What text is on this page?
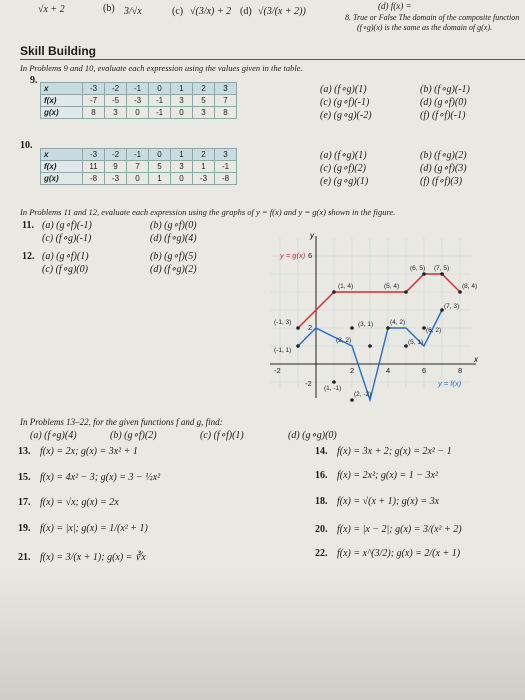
√x + 2	(b) 3/√x	(c) √(3/x) + 2 (d) √(3/(x + 2))	(d) f(x) =
8. True or False The domain of the composite function
(f∘g)(x) is the same as the domain of g(x).
Skill Building
In Problems 9 and 10, evaluate each expression using the values given in the table.
9.
x	-3	-2	-1	0	1	2	3
f(x)	-7	-5	-3	-1	3	5	7
g(x)	8	3	0	-1	0	3	8
(a) (f∘g)(1)	(b) (f∘g)(-1)
(c) (g∘f)(-1)	(d) (g∘f)(0)
(e) (g∘g)(-2)	(f) (f∘f)(-1)
10.
x	-3	-2	-1	0	1	2	3
f(x)	11	9	7	5	3	1	-1
g(x)	-8	-3	0	1	0	-3	-8
(a) (f∘g)(1)	(b) (f∘g)(2)
(c) (g∘f)(2)	(d) (g∘f)(3)
(e) (g∘g)(1)	(f) (f∘f)(3)
In Problems 11 and 12, evaluate each expression using the graphs of y = f(x) and y = g(x) shown in the figure.
11. (a) (g∘f)(-1)	(b) (g∘f)(0)
(c) (f∘g)(-1)	(d) (f∘g)(4)
12. (a) (g∘f)(1)	(b) (g∘f)(5)
(c) (f∘g)(0)	(d) (f∘g)(2)
y
x
(1, 4)	(5, 4)
(6, 5) (7, 5)
(8, 4)
(-1, 3)
(-1, 1)
(3, 1)	(4, 2)
(2, 2)
(7, 3)
(6, 2)
(5, 1)
(2, -2)
(1, -1)
6
2
-2	2	4	6	8
-2
y = g(x)
y = f(x)
In Problems 13–22, for the given functions f and g, find:
(a) (f∘g)(4)	(b) (g∘f)(2)	(c) (f∘f)(1)	(d) (g∘g)(0)
13. f(x) = 2x; g(x) = 3x² + 1	14. f(x) = 3x + 2; g(x) = 2x² − 1
15. f(x) = 4x² − 3; g(x) = 3 − ½x²	16. f(x) = 2x²; g(x) = 1 − 3x²
17. f(x) = √x; g(x) = 2x	18. f(x) = √(x + 1); g(x) = 3x
19. f(x) = |x|; g(x) = 1/(x² + 1)	20. f(x) = |x − 2|; g(x) = 3/(x² + 2)
21. f(x) = 3/(x + 1); g(x) = ∛x	22. f(x) = x^(3/2); g(x) = 2/(x + 1)
